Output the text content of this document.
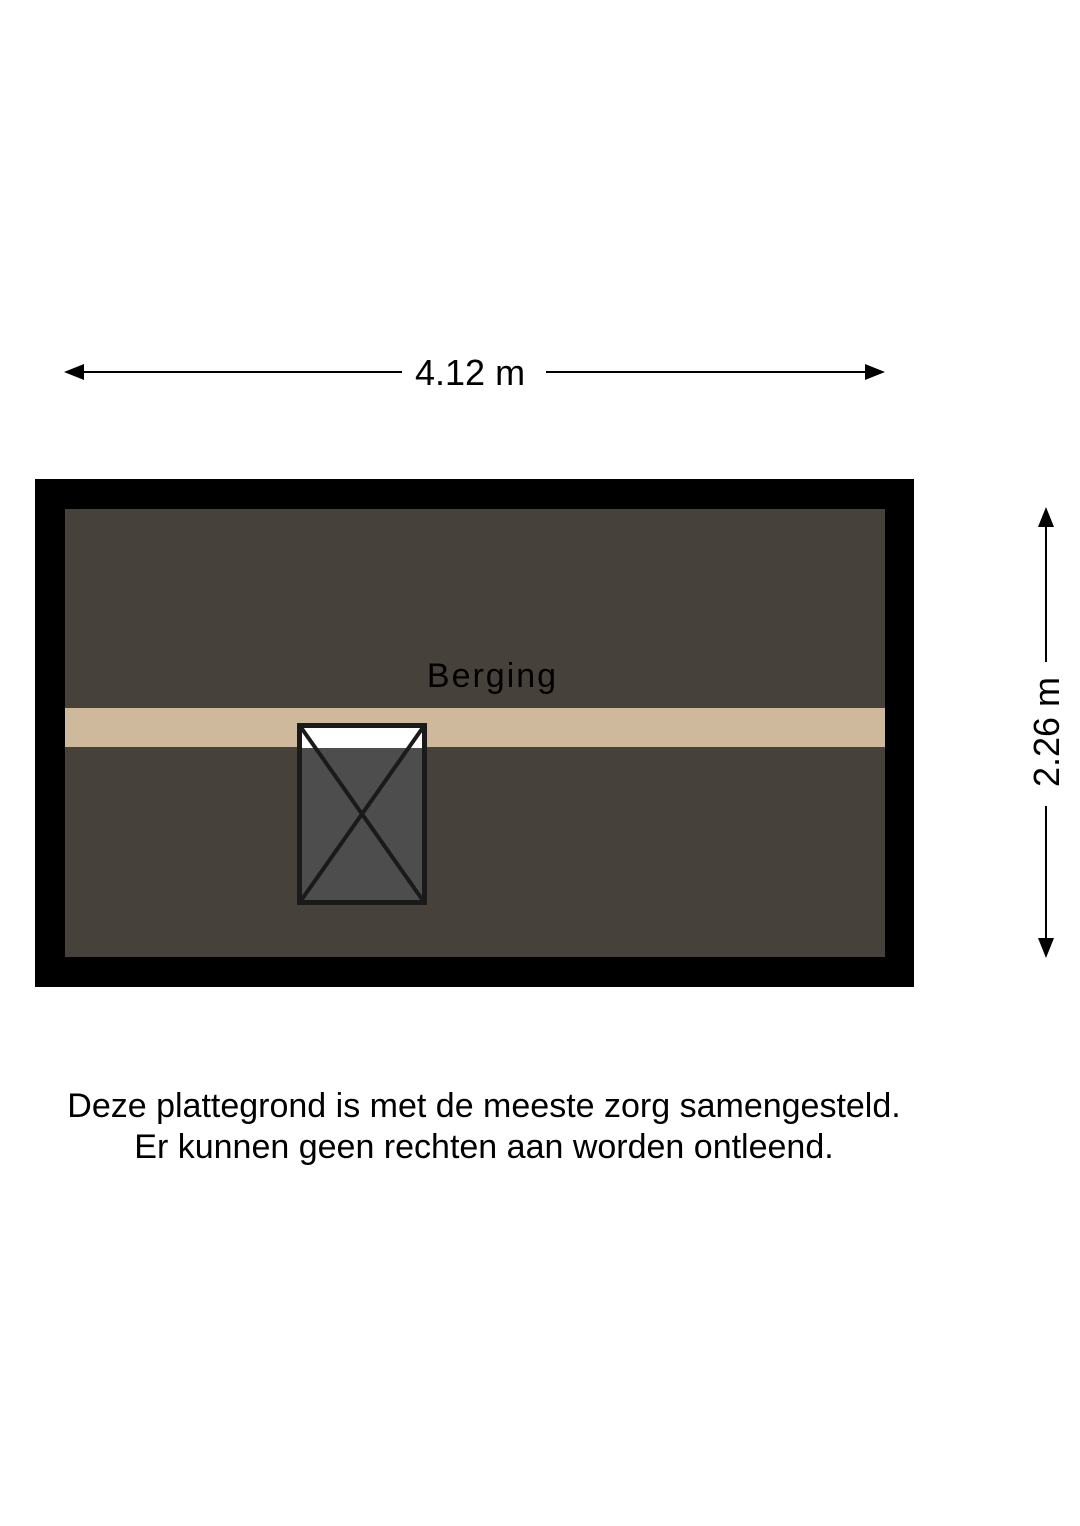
4.12 m
2.26 m
Berging
Deze plattegrond is met de meeste zorg samengesteld.
Er kunnen geen rechten aan worden ontleend.
